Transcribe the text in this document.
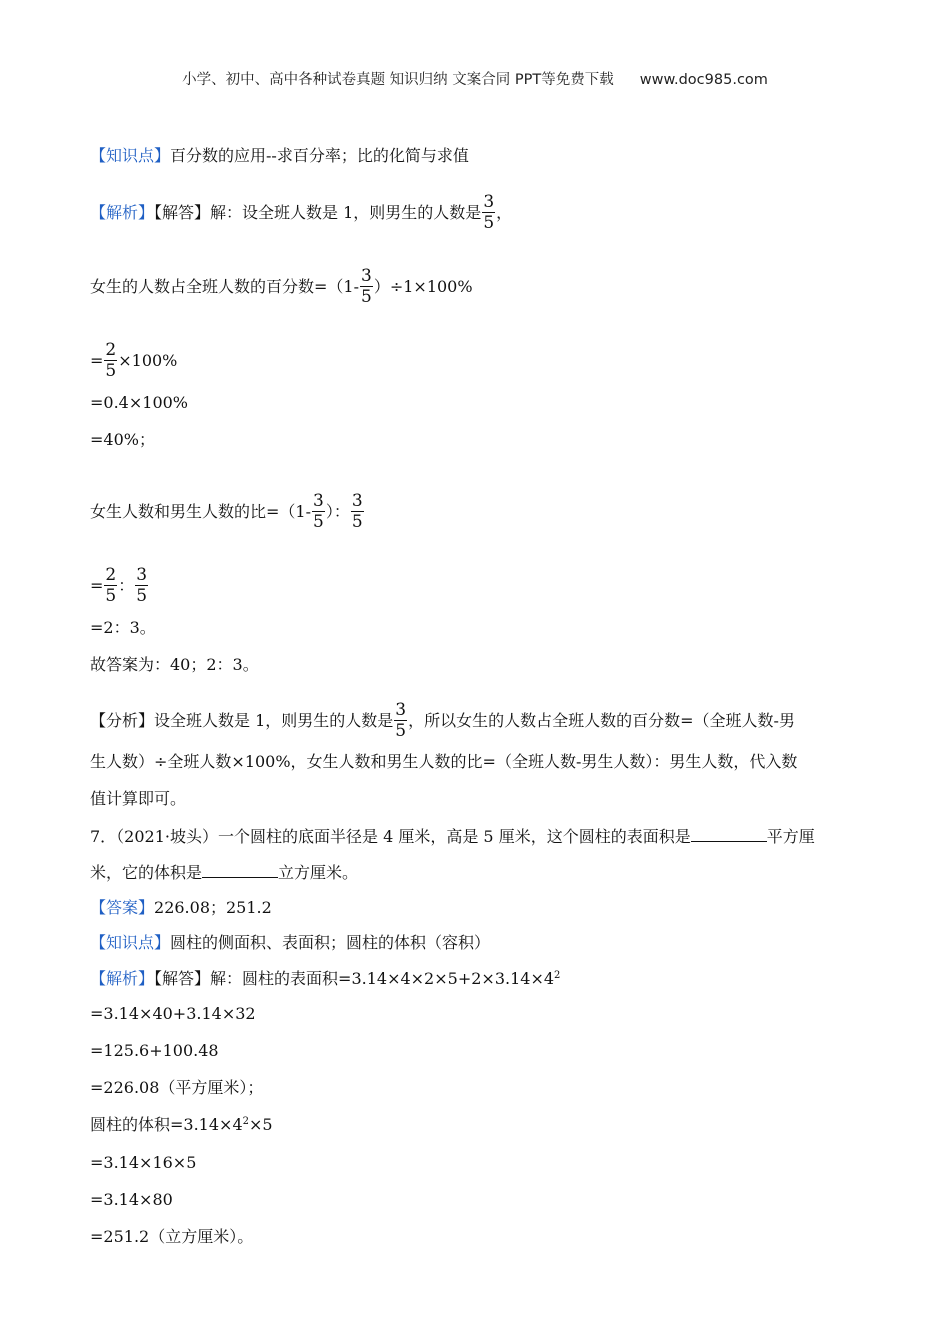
小学、初中、高中各种试卷真题 知识归纳 文案合同 PPT等免费下载 www.doc985.com
【知识点】百分数的应用--求百分率；比的化简与求值
【解析】【解答】解：设全班人数是 1，则男生的人数是 $\frac{3}{5}$ ，
女生的人数占全班人数的百分数$=(1- \frac{3}{5} )\div 1\times 100\%$
= $\frac{2}{5} \times 100\%$
=0.4×100%
=40%；
女生人数和男生人数的比$=(1- \frac{3}{5}$ ）： $\frac{3}{5}$
= $\frac{2}{5}$ ： $\frac{3}{5}$
=2：3。
故答案为：40；2：3。
【分析】设全班人数是 1，则男生的人数是 $\frac{3}{5}$ ，所以女生的人数占全班人数的百分数=（全班人数-男
生人数）÷全班人数×100%，女生人数和男生人数的比=（全班人数-男生人数）：男生人数，代入数
值计算即可。
7．（2021·坡头）一个圆柱的底面半径是 4 厘米，高是 5 厘米，这个圆柱的表面积是	平方厘
米，它的体积是	立方厘米。
【答案】226.08；251.2
【知识点】圆柱的侧面积、表面积；圆柱的体积（容积）
【解析】【解答】解：圆柱的表面积$=3.14\times 4\times 2\times 5+2\times 3.14\times 4^2$
=3.14×40+3.14×32
=125.6+100.48
=226.08（平方厘米）；
圆柱的体积$=3.14\times 4^2\times 5$
=3.14×16×5
=3.14×80
=251.2（立方厘米）。
